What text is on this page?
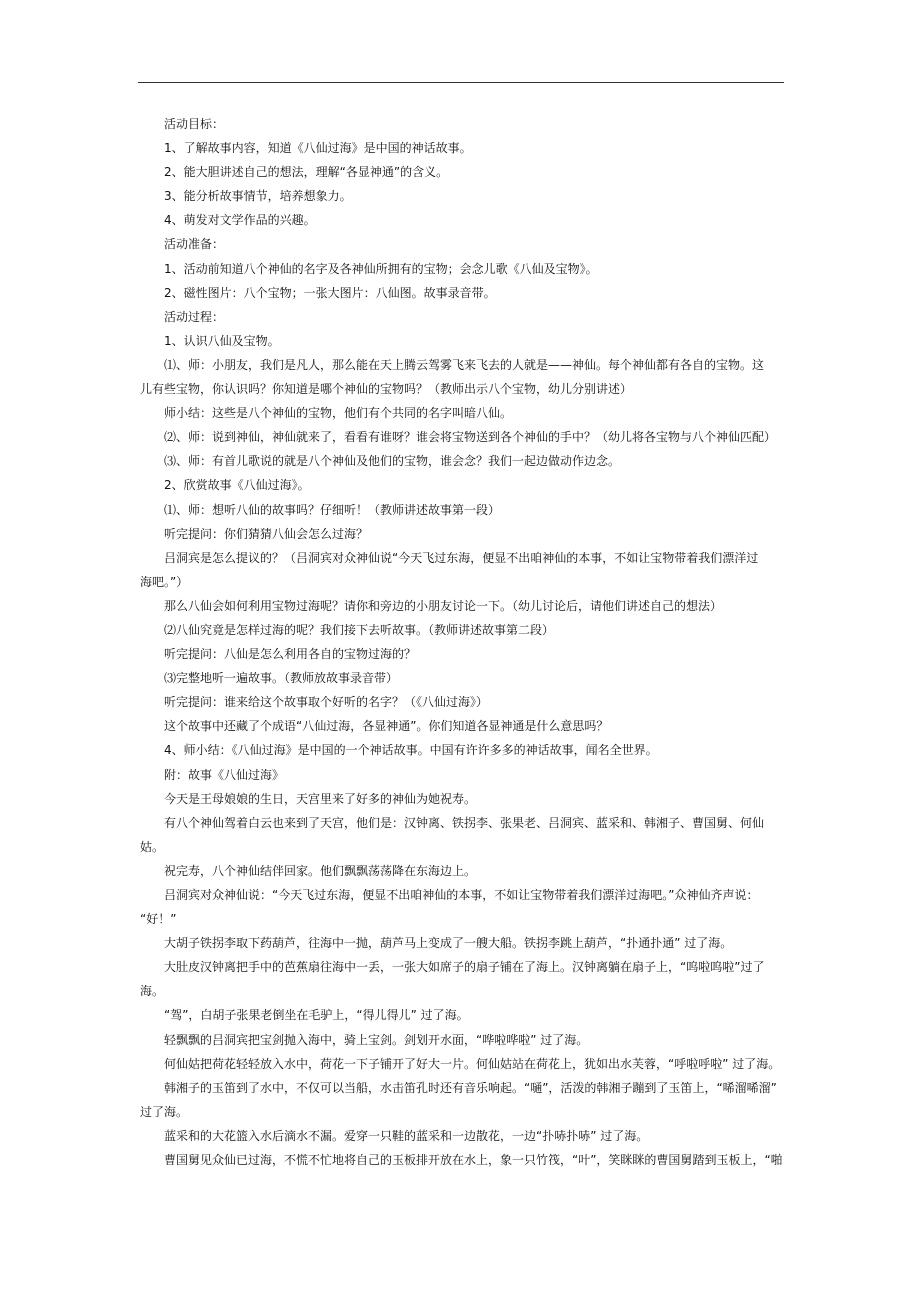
活动目标：

1、了解故事内容，知道《八仙过海》是中国的神话故事。

2、能大胆讲述自己的想法，理解“各显神通”的含义。

3、能分析故事情节，培养想象力。

4、萌发对文学作品的兴趣。

活动准备：

1、活动前知道八个神仙的名字及各神仙所拥有的宝物；会念儿歌《八仙及宝物》。

2、磁性图片：八个宝物；一张大图片：八仙图。故事录音带。

活动过程：

1、认识八仙及宝物。

⑴、师：小朋友，我们是凡人，那么能在天上腾云驾雾飞来飞去的人就是——神仙。每个神仙都有各自的宝物。这

儿有些宝物，你认识吗？你知道是哪个神仙的宝物吗？（教师出示八个宝物，幼儿分别讲述）

师小结：这些是八个神仙的宝物，他们有个共同的名字叫暗八仙。

⑵、师：说到神仙，神仙就来了，看看有谁呀？谁会将宝物送到各个神仙的手中？（幼儿将各宝物与八个神仙匹配）

⑶、师：有首儿歌说的就是八个神仙及他们的宝物，谁会念？我们一起边做动作边念。

2、欣赏故事《八仙过海》。

⑴、师：想听八仙的故事吗？仔细听！（教师讲述故事第一段）

听完提问：你们猜猜八仙会怎么过海？

吕洞宾是怎么提议的？（吕洞宾对众神仙说“今天飞过东海，便显不出咱神仙的本事，不如让宝物带着我们漂洋过

海吧。”）

那么八仙会如何利用宝物过海呢？请你和旁边的小朋友讨论一下。（幼儿讨论后，请他们讲述自己的想法）

⑵八仙究竟是怎样过海的呢？我们接下去听故事。（教师讲述故事第二段）

听完提问：八仙是怎么利用各自的宝物过海的？

⑶完整地听一遍故事。（教师放故事录音带）

听完提问：谁来给这个故事取个好听的名字？（《八仙过海》）

这个故事中还藏了个成语“八仙过海，各显神通”。你们知道各显神通是什么意思吗？

4、师小结：《八仙过海》是中国的一个神话故事。中国有许许多多的神话故事，闻名全世界。

附：故事《八仙过海》

今天是王母娘娘的生日，天宫里来了好多的神仙为她祝寿。

有八个神仙驾着白云也来到了天宫，他们是：汉钟离、铁拐李、张果老、吕洞宾、蓝采和、韩湘子、曹国舅、何仙

姑。

祝完寿，八个神仙结伴回家。他们飘飘荡荡降在东海边上。

吕洞宾对众神仙说：“今天飞过东海，便显不出咱神仙的本事，不如让宝物带着我们漂洋过海吧。”众神仙齐声说：

“好！”

大胡子铁拐李取下药葫芦，往海中一抛，葫芦马上变成了一艘大船。铁拐李跳上葫芦，“扑通扑通” 过了海。

大肚皮汉钟离把手中的芭蕉扇往海中一丢，一张大如席子的扇子铺在了海上。汉钟离躺在扇子上，“呜啦呜啦”过了

海。

“驾”，白胡子张果老倒坐在毛驴上，“得儿得儿” 过了海。

轻飘飘的吕洞宾把宝剑抛入海中，骑上宝剑。剑划开水面，“哗啦哗啦” 过了海。

何仙姑把荷花轻轻放入水中，荷花一下子铺开了好大一片。何仙姑站在荷花上，犹如出水芙蓉，“呼啦呼啦” 过了海。

韩湘子的玉笛到了水中，不仅可以当船，水击笛孔时还有音乐响起。“嗵”，活泼的韩湘子蹦到了玉笛上，“唏溜唏溜”

过了海。

蓝采和的大花篮入水后滴水不漏。爱穿一只鞋的蓝采和一边散花，一边“扑哧扑哧” 过了海。

曹国舅见众仙已过海，不慌不忙地将自己的玉板排开放在水上，象一只竹筏，“叶”，笑眯眯的曹国舅踏到玉板上，“啪
